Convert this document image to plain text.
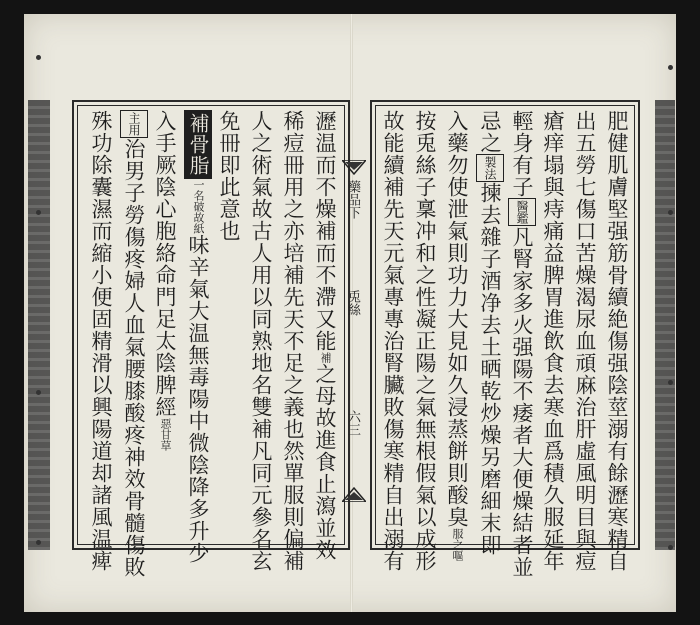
瀝温而不燥補而不滯又能補之母故進食止瀉並效
稀痘冊用之亦培補先天不足之義也然單服則偏補
人之術氣故古人用以同熟地名雙補凡同元參名玄
免冊即此意也
補骨脂一名破故紙味辛氣大温無毒陽中微陰降多升少
入手厥陰心胞絡命門足太陰脾經惡甘草
主用治男子勞傷疼婦人血氣腰膝酸疼神效骨髓傷敗
殊功除囊濕而縮小便固精滑以興陽道却諸風温痺	藥品下
兎絲
六三	肥健肌膚堅强筋骨續絶傷强陰莖溺有餘瀝寒精自
出五勞七傷口苦燥渴尿血頑麻治肝虛風明目與痘
瘡痒塌與痔痛益脾胃進飲食去寒血爲積久服延年
輕身有子醫鑑凡腎家多火强陽不痿者大便燥結者並
忌之製法揀去雜子酒净去土晒乾炒燥另磨細末即
入藥勿使泄氣則功力大見如久浸蒸餅則酸臭服之嘔
按兎絲子稟冲和之性凝正陽之氣無根假氣以成形
故能續補先天元氣專專治腎臟敗傷寒精自出溺有
